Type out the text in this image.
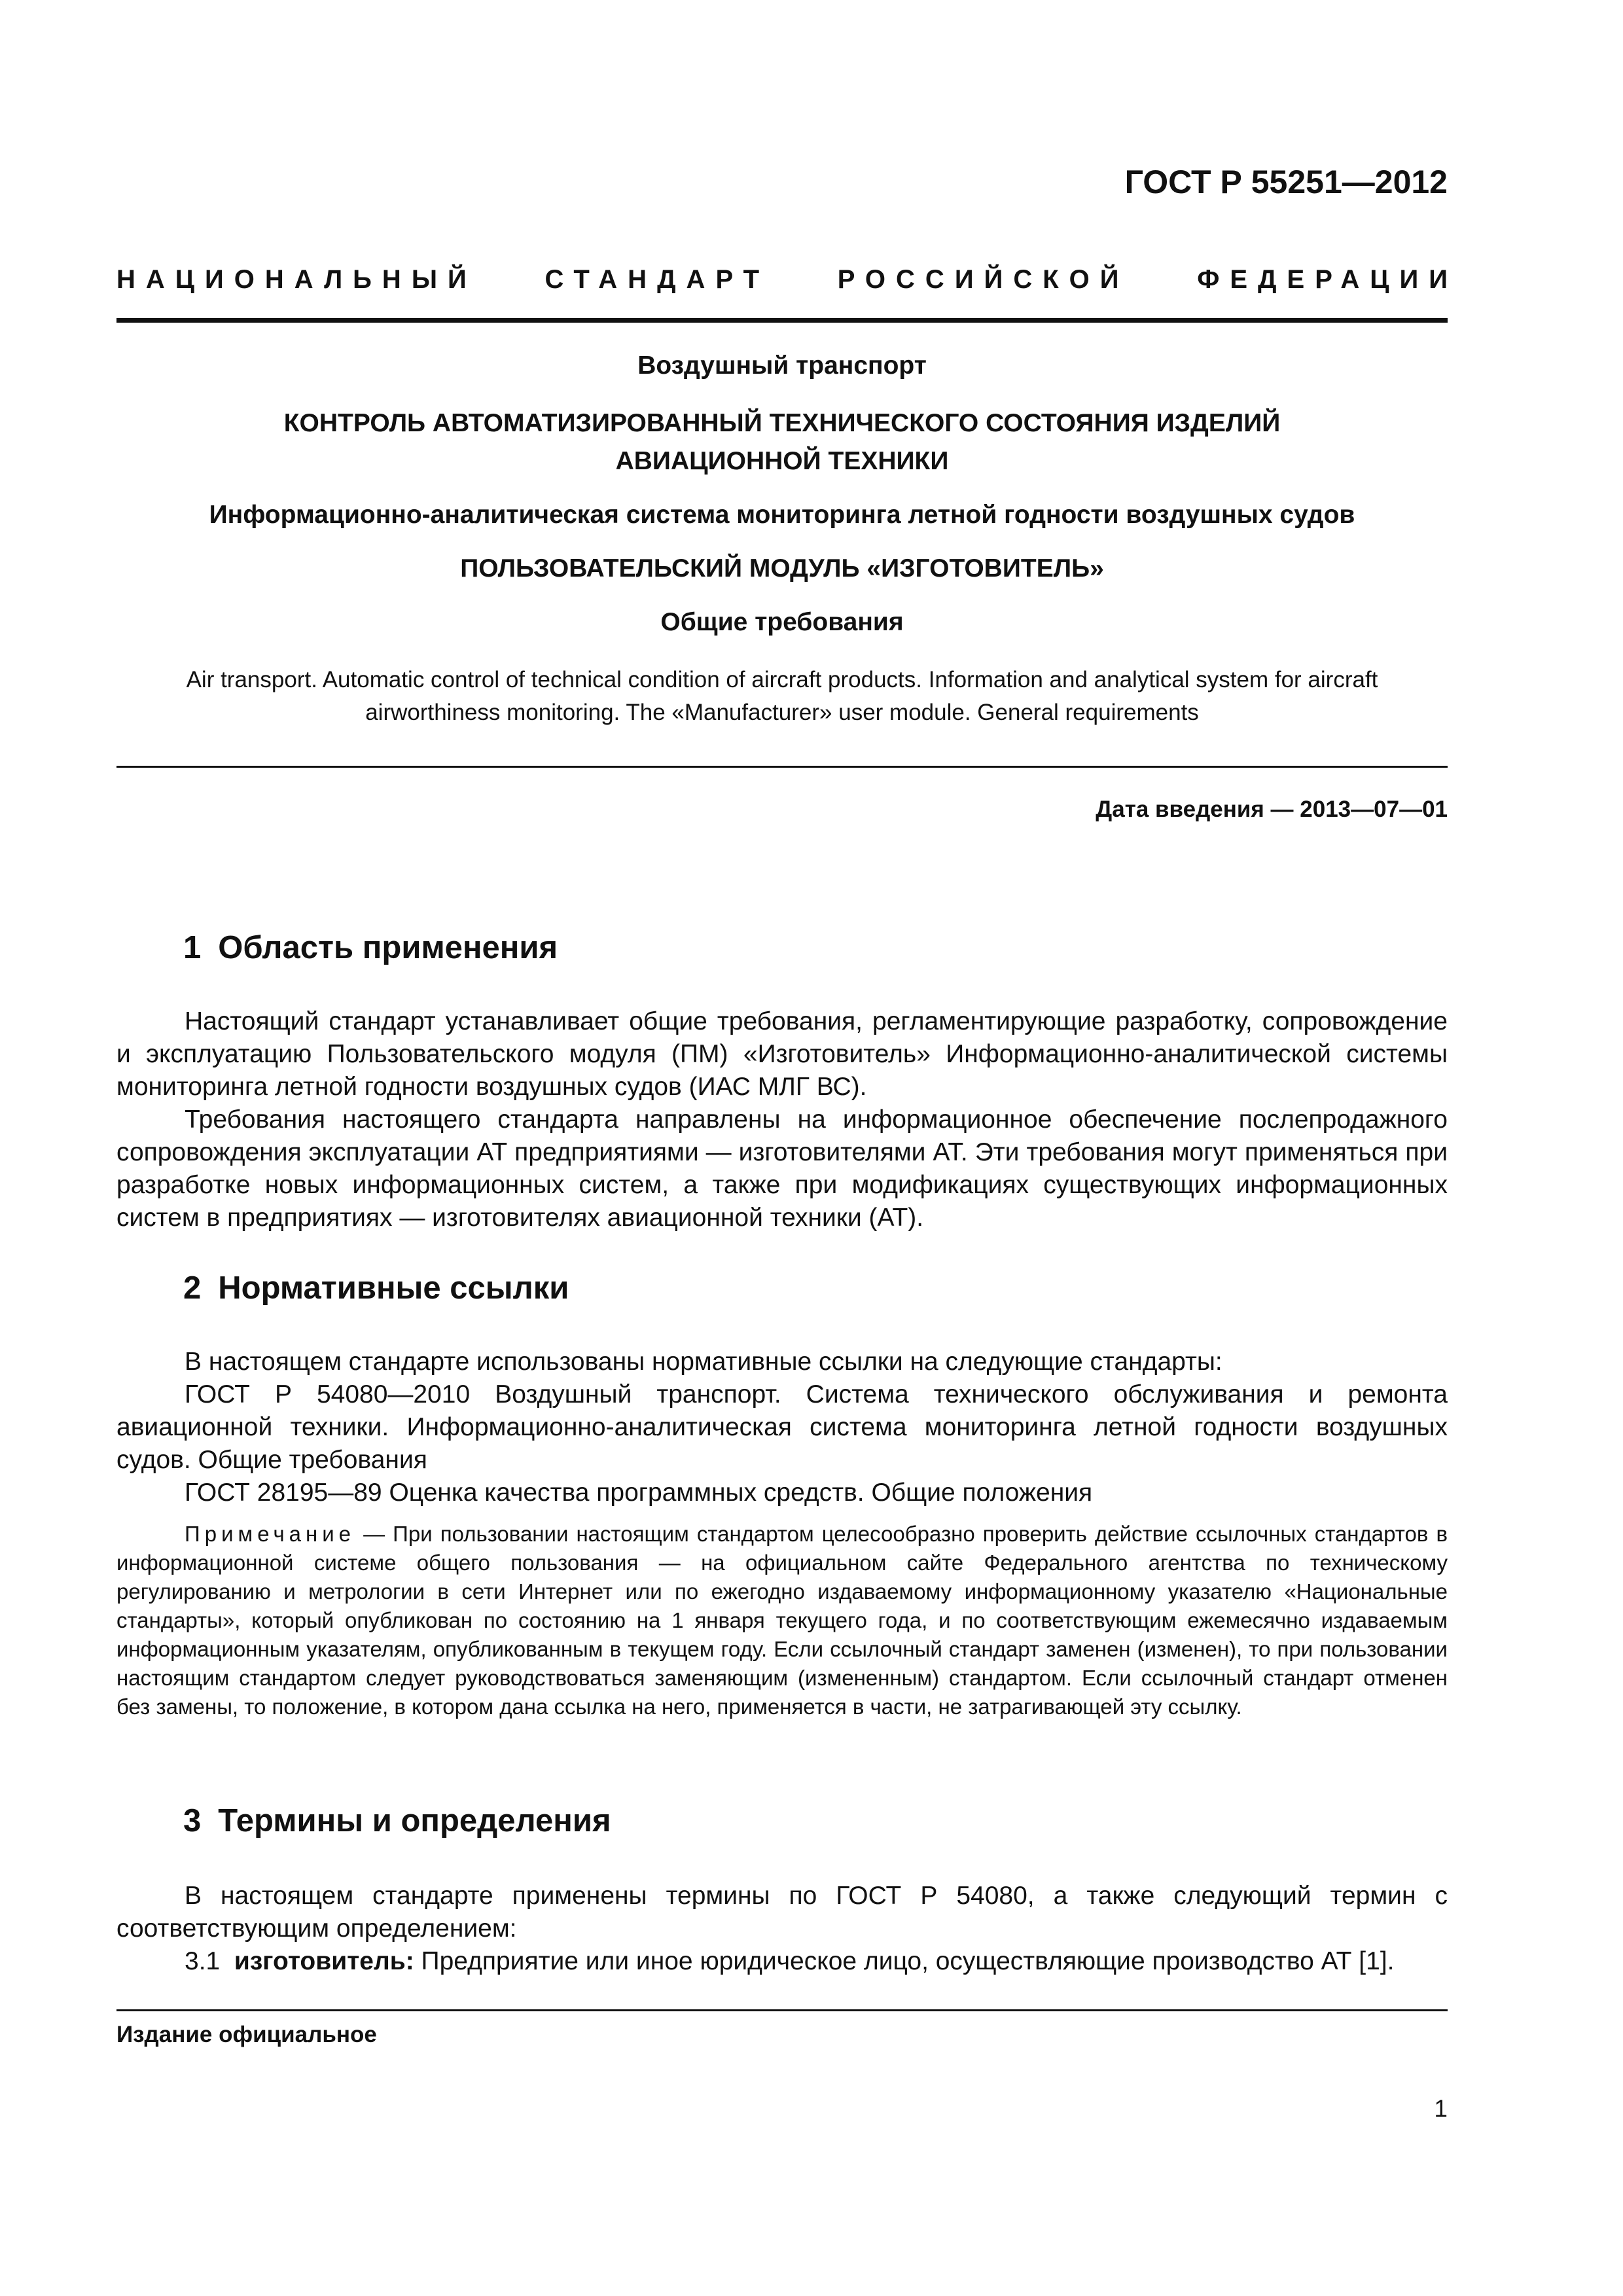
ГОСТ Р 55251—2012
НАЦИОНАЛЬНЫЙ	СТАНДАРТ	РОССИЙСКОЙ	ФЕДЕРАЦИИ
Воздушный транспорт
КОНТРОЛЬ АВТОМАТИЗИРОВАННЫЙ ТЕХНИЧЕСКОГО СОСТОЯНИЯ ИЗДЕЛИЙ
АВИАЦИОННОЙ ТЕХНИКИ
Информационно-аналитическая система мониторинга летной годности воздушных судов
ПОЛЬЗОВАТЕЛЬСКИЙ МОДУЛЬ «ИЗГОТОВИТЕЛЬ»
Общие требования
Air transport. Automatic control of technical condition of aircraft products. Information and analytical system for aircraft airworthiness monitoring. The «Manufacturer» user module. General requirements
Дата введения — 2013—07—01
1 Область применения

Настоящий стандарт устанавливает общие требования, регламентирующие разработку, сопровождение и эксплуатацию Пользовательского модуля (ПМ) «Изготовитель» Информационно-аналитической системы мониторинга летной годности воздушных судов (ИАС МЛГ ВС).

Требования настоящего стандарта направлены на информационное обеспечение послепродажного сопровождения эксплуатации АТ предприятиями — изготовителями АТ. Эти требования могут применяться при разработке новых информационных систем, а также при модификациях существующих информационных систем в предприятиях — изготовителях авиационной техники (АТ).

2 Нормативные ссылки

В настоящем стандарте использованы нормативные ссылки на следующие стандарты:

ГОСТ Р 54080—2010 Воздушный транспорт. Система технического обслуживания и ремонта авиационной техники. Информационно-аналитическая система мониторинга летной годности воздушных судов. Общие требования

ГОСТ 28195—89 Оценка качества программных средств. Общие положения

Примечание — При пользовании настоящим стандартом целесообразно проверить действие ссылочных стандартов в информационной системе общего пользования — на официальном сайте Федерального агентства по техническому регулированию и метрологии в сети Интернет или по ежегодно издаваемому информационному указателю «Национальные стандарты», который опубликован по состоянию на 1 января текущего года, и по соответствующим ежемесячно издаваемым информационным указателям, опубликованным в текущем году. Если ссылочный стандарт заменен (изменен), то при пользовании настоящим стандартом следует руководствоваться заменяющим (измененным) стандартом. Если ссылочный стандарт отменен без замены, то положение, в котором дана ссылка на него, применяется в части, не затрагивающей эту ссылку.
3 Термины и определения

В настоящем стандарте применены термины по ГОСТ Р 54080, а также следующий термин с соответствующим определением:

3.1 изготовитель: Предприятие или иное юридическое лицо, осуществляющие производство АТ [1].

Издание официальное
1
